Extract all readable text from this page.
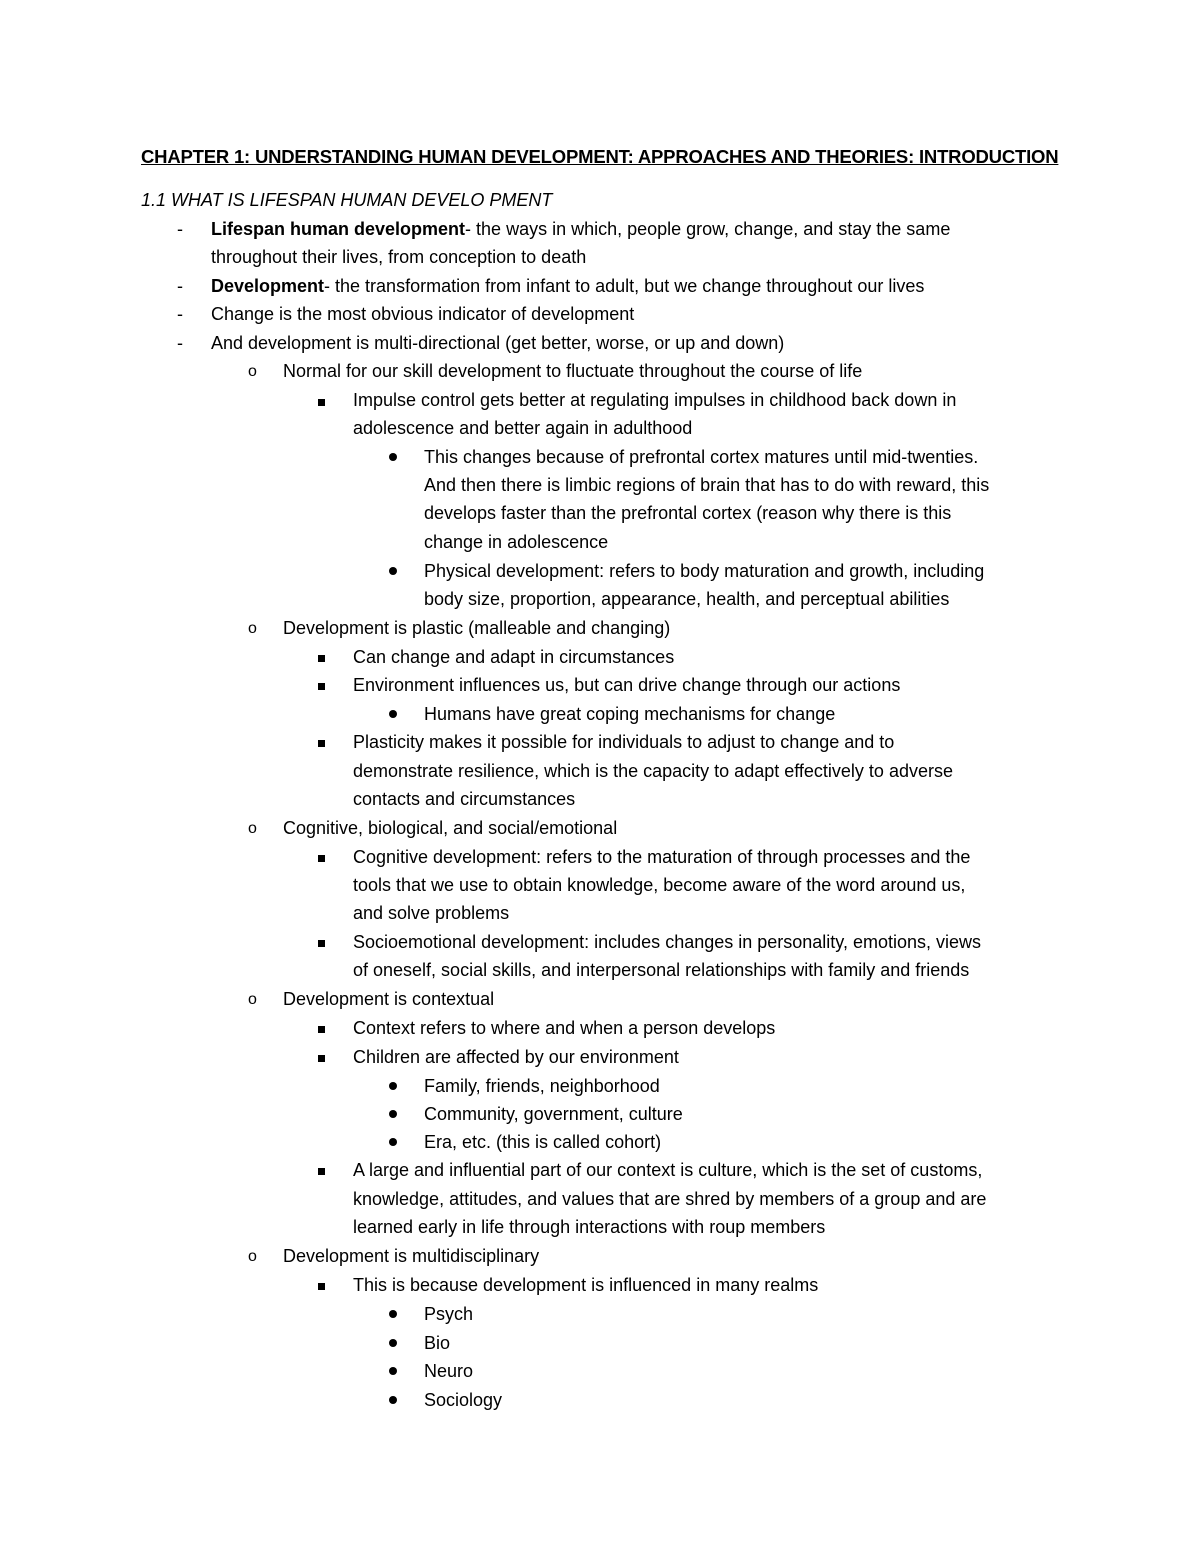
CHAPTER 1: UNDERSTANDING HUMAN DEVELOPMENT: APPROACHES AND THEORIES: INTRODUCTION
1.1 WHAT IS LIFESPAN HUMAN DEVELO PMENT
- Lifespan human development- the ways in which, people grow, change, and stay the same
throughout their lives, from conception to death
- Development- the transformation from infant to adult, but we change throughout our lives
- Change is the most obvious indicator of development
- And development is multi-directional (get better, worse, or up and down)
o Normal for our skill development to fluctuate throughout the course of life
Impulse control gets better at regulating impulses in childhood back down in
adolescence and better again in adulthood
This changes because of prefrontal cortex matures until mid-twenties.
And then there is limbic regions of brain that has to do with reward, this
develops faster than the prefrontal cortex (reason why there is this
change in adolescence
Physical development: refers to body maturation and growth, including
body size, proportion, appearance, health, and perceptual abilities
o Development is plastic (malleable and changing)
Can change and adapt in circumstances
Environment influences us, but can drive change through our actions
Humans have great coping mechanisms for change
Plasticity makes it possible for individuals to adjust to change and to
demonstrate resilience, which is the capacity to adapt effectively to adverse
contacts and circumstances
o Cognitive, biological, and social/emotional
Cognitive development: refers to the maturation of through processes and the
tools that we use to obtain knowledge, become aware of the word around us,
and solve problems
Socioemotional development: includes changes in personality, emotions, views
of oneself, social skills, and interpersonal relationships with family and friends
o Development is contextual
Context refers to where and when a person develops
Children are affected by our environment
Family, friends, neighborhood
Community, government, culture
Era, etc. (this is called cohort)
A large and influential part of our context is culture, which is the set of customs,
knowledge, attitudes, and values that are shred by members of a group and are
learned early in life through interactions with roup members
o Development is multidisciplinary
This is because development is influenced in many realms
Psych
Bio
Neuro
Sociology
